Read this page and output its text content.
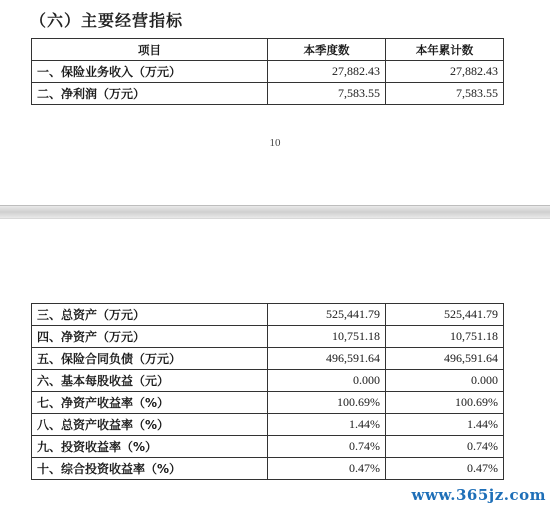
（六）主要经营指标
项目	本季度数	本年累计数
一、保险业务收入（万元）	27,882.43	27,882.43
二、净利润（万元）	7,583.55	7,583.55
10
三、总资产（万元）	525,441.79	525,441.79
四、净资产（万元）	10,751.18	10,751.18
五、保险合同负债（万元）	496,591.64	496,591.64
六、基本每股收益（元）	0.000	0.000
七、净资产收益率（%）	100.69%	100.69%
八、总资产收益率（%）	1.44%	1.44%
九、投资收益率（%）	0.74%	0.74%
十、综合投资收益率（%）	0.47%	0.47%
www.365jz.com
